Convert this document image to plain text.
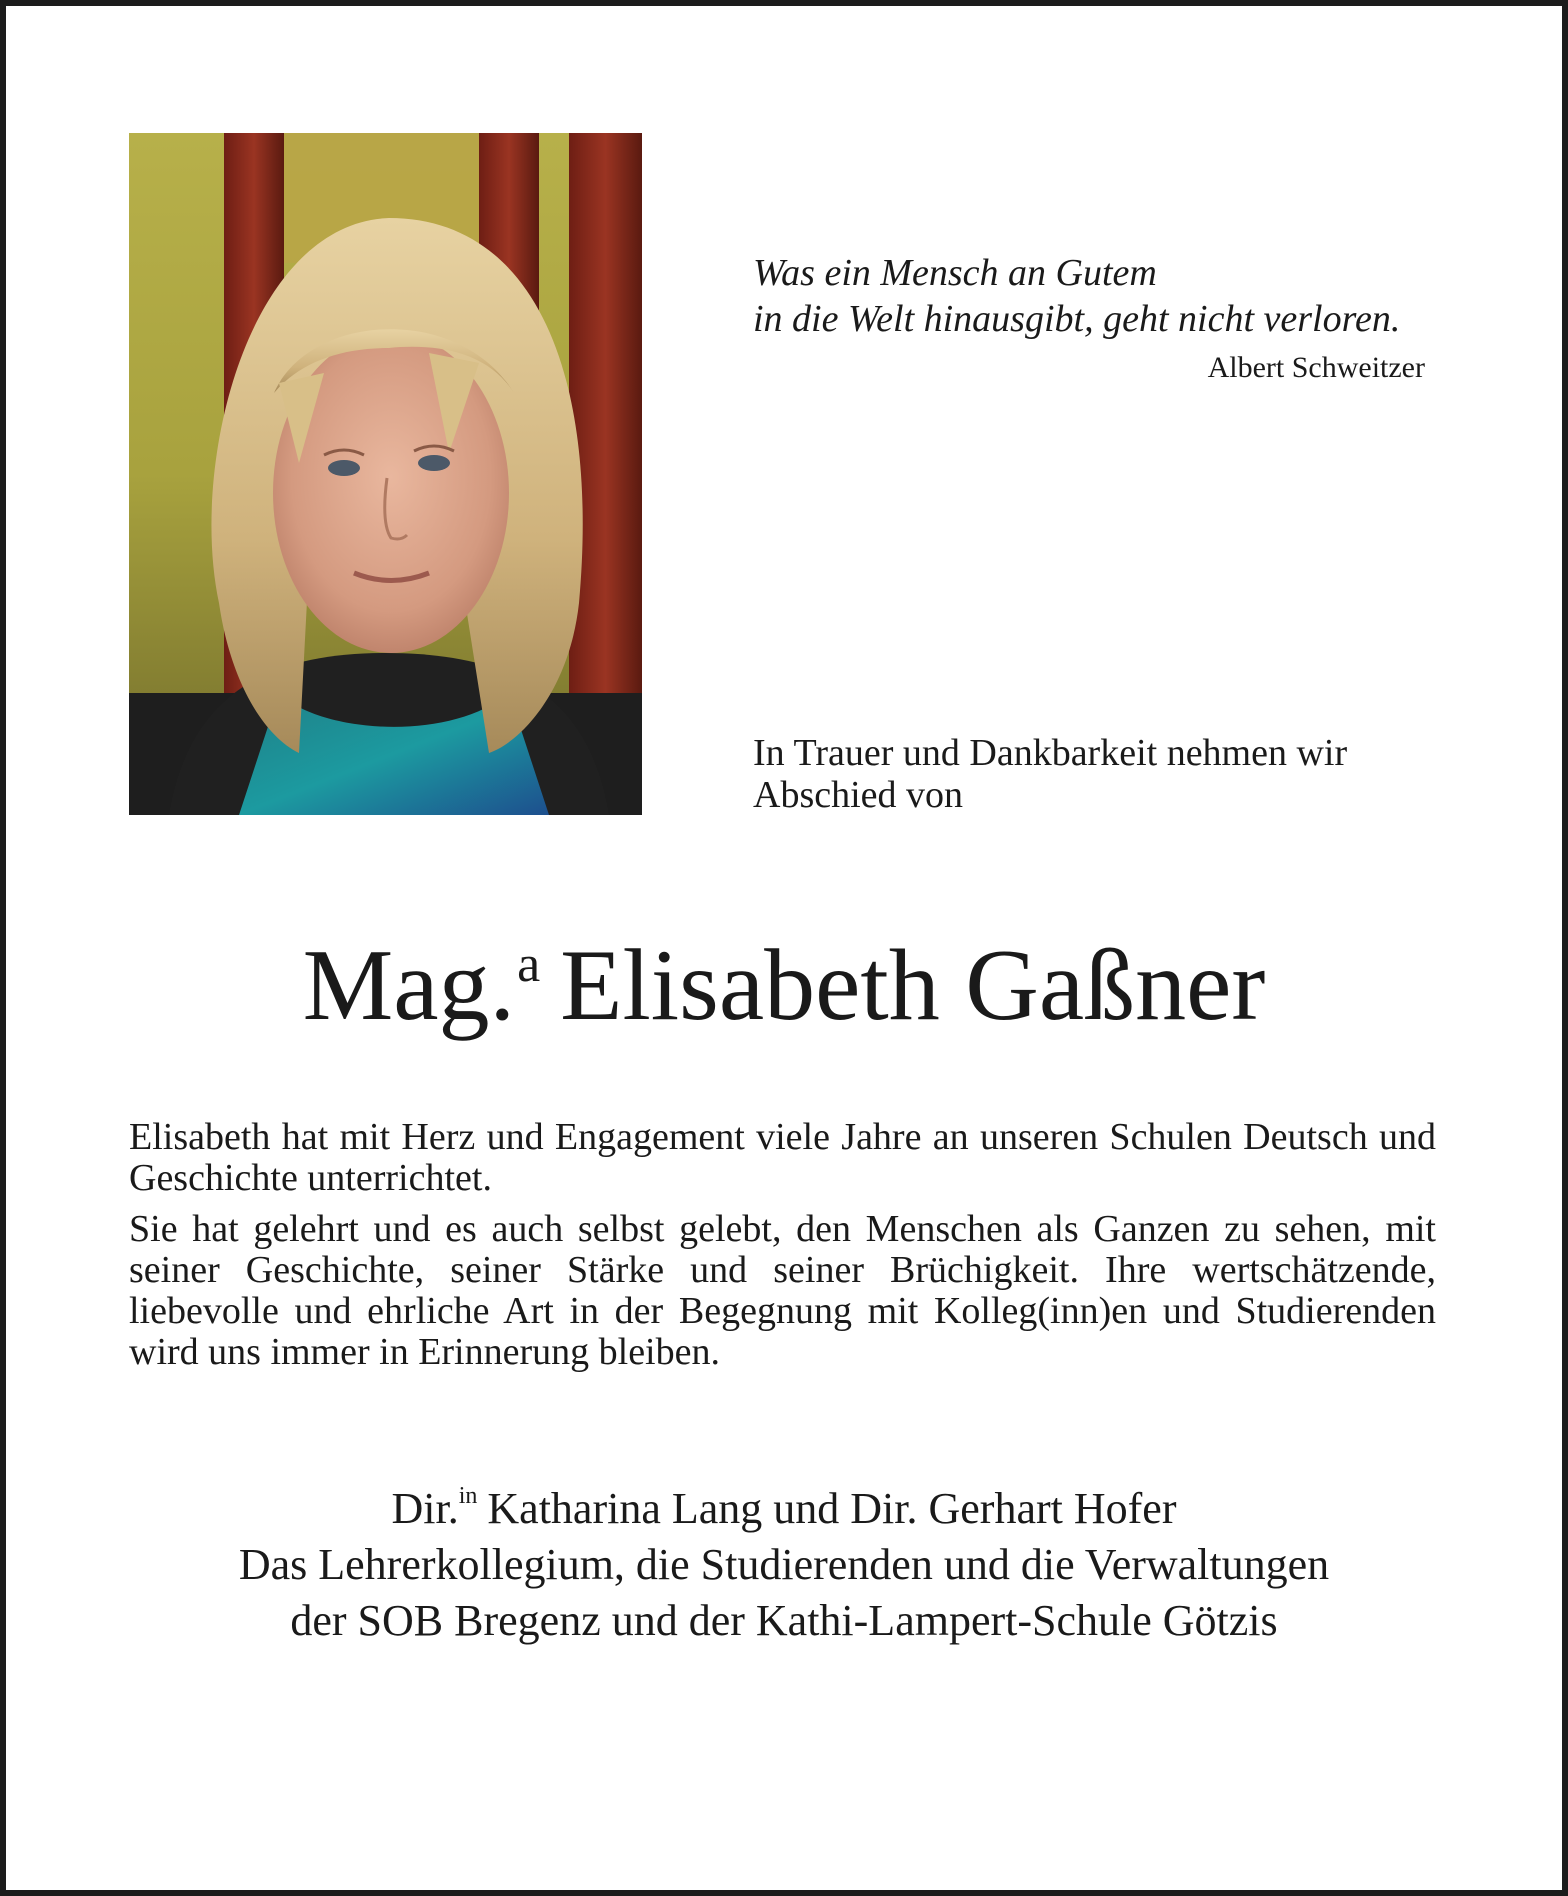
Was ein Mensch an Gutem
in die Welt hinausgibt, geht nicht verloren.
Albert Schweitzer
In Trauer und Dankbarkeit nehmen wir
Abschied von
Mag.$^a$ Elisabeth Gaßner

Elisabeth hat mit Herz und Engagement viele Jahre an unseren Schulen Deutsch und Geschichte unterrichtet.

Sie hat gelehrt und es auch selbst gelebt, den Menschen als Ganzen zu sehen, mit seiner Geschichte, seiner Stärke und seiner Brüchigkeit. Ihre wertschätzende, liebevolle und ehrliche Art in der Begegnung mit Kolleg(inn)en und Studierenden wird uns immer in Erinnerung bleiben.

Dir.$^{in}$ Katharina Lang und Dir. Gerhart Hofer
Das Lehrerkollegium, die Studierenden und die Verwaltungen
der SOB Bregenz und der Kathi-Lampert-Schule Götzis
